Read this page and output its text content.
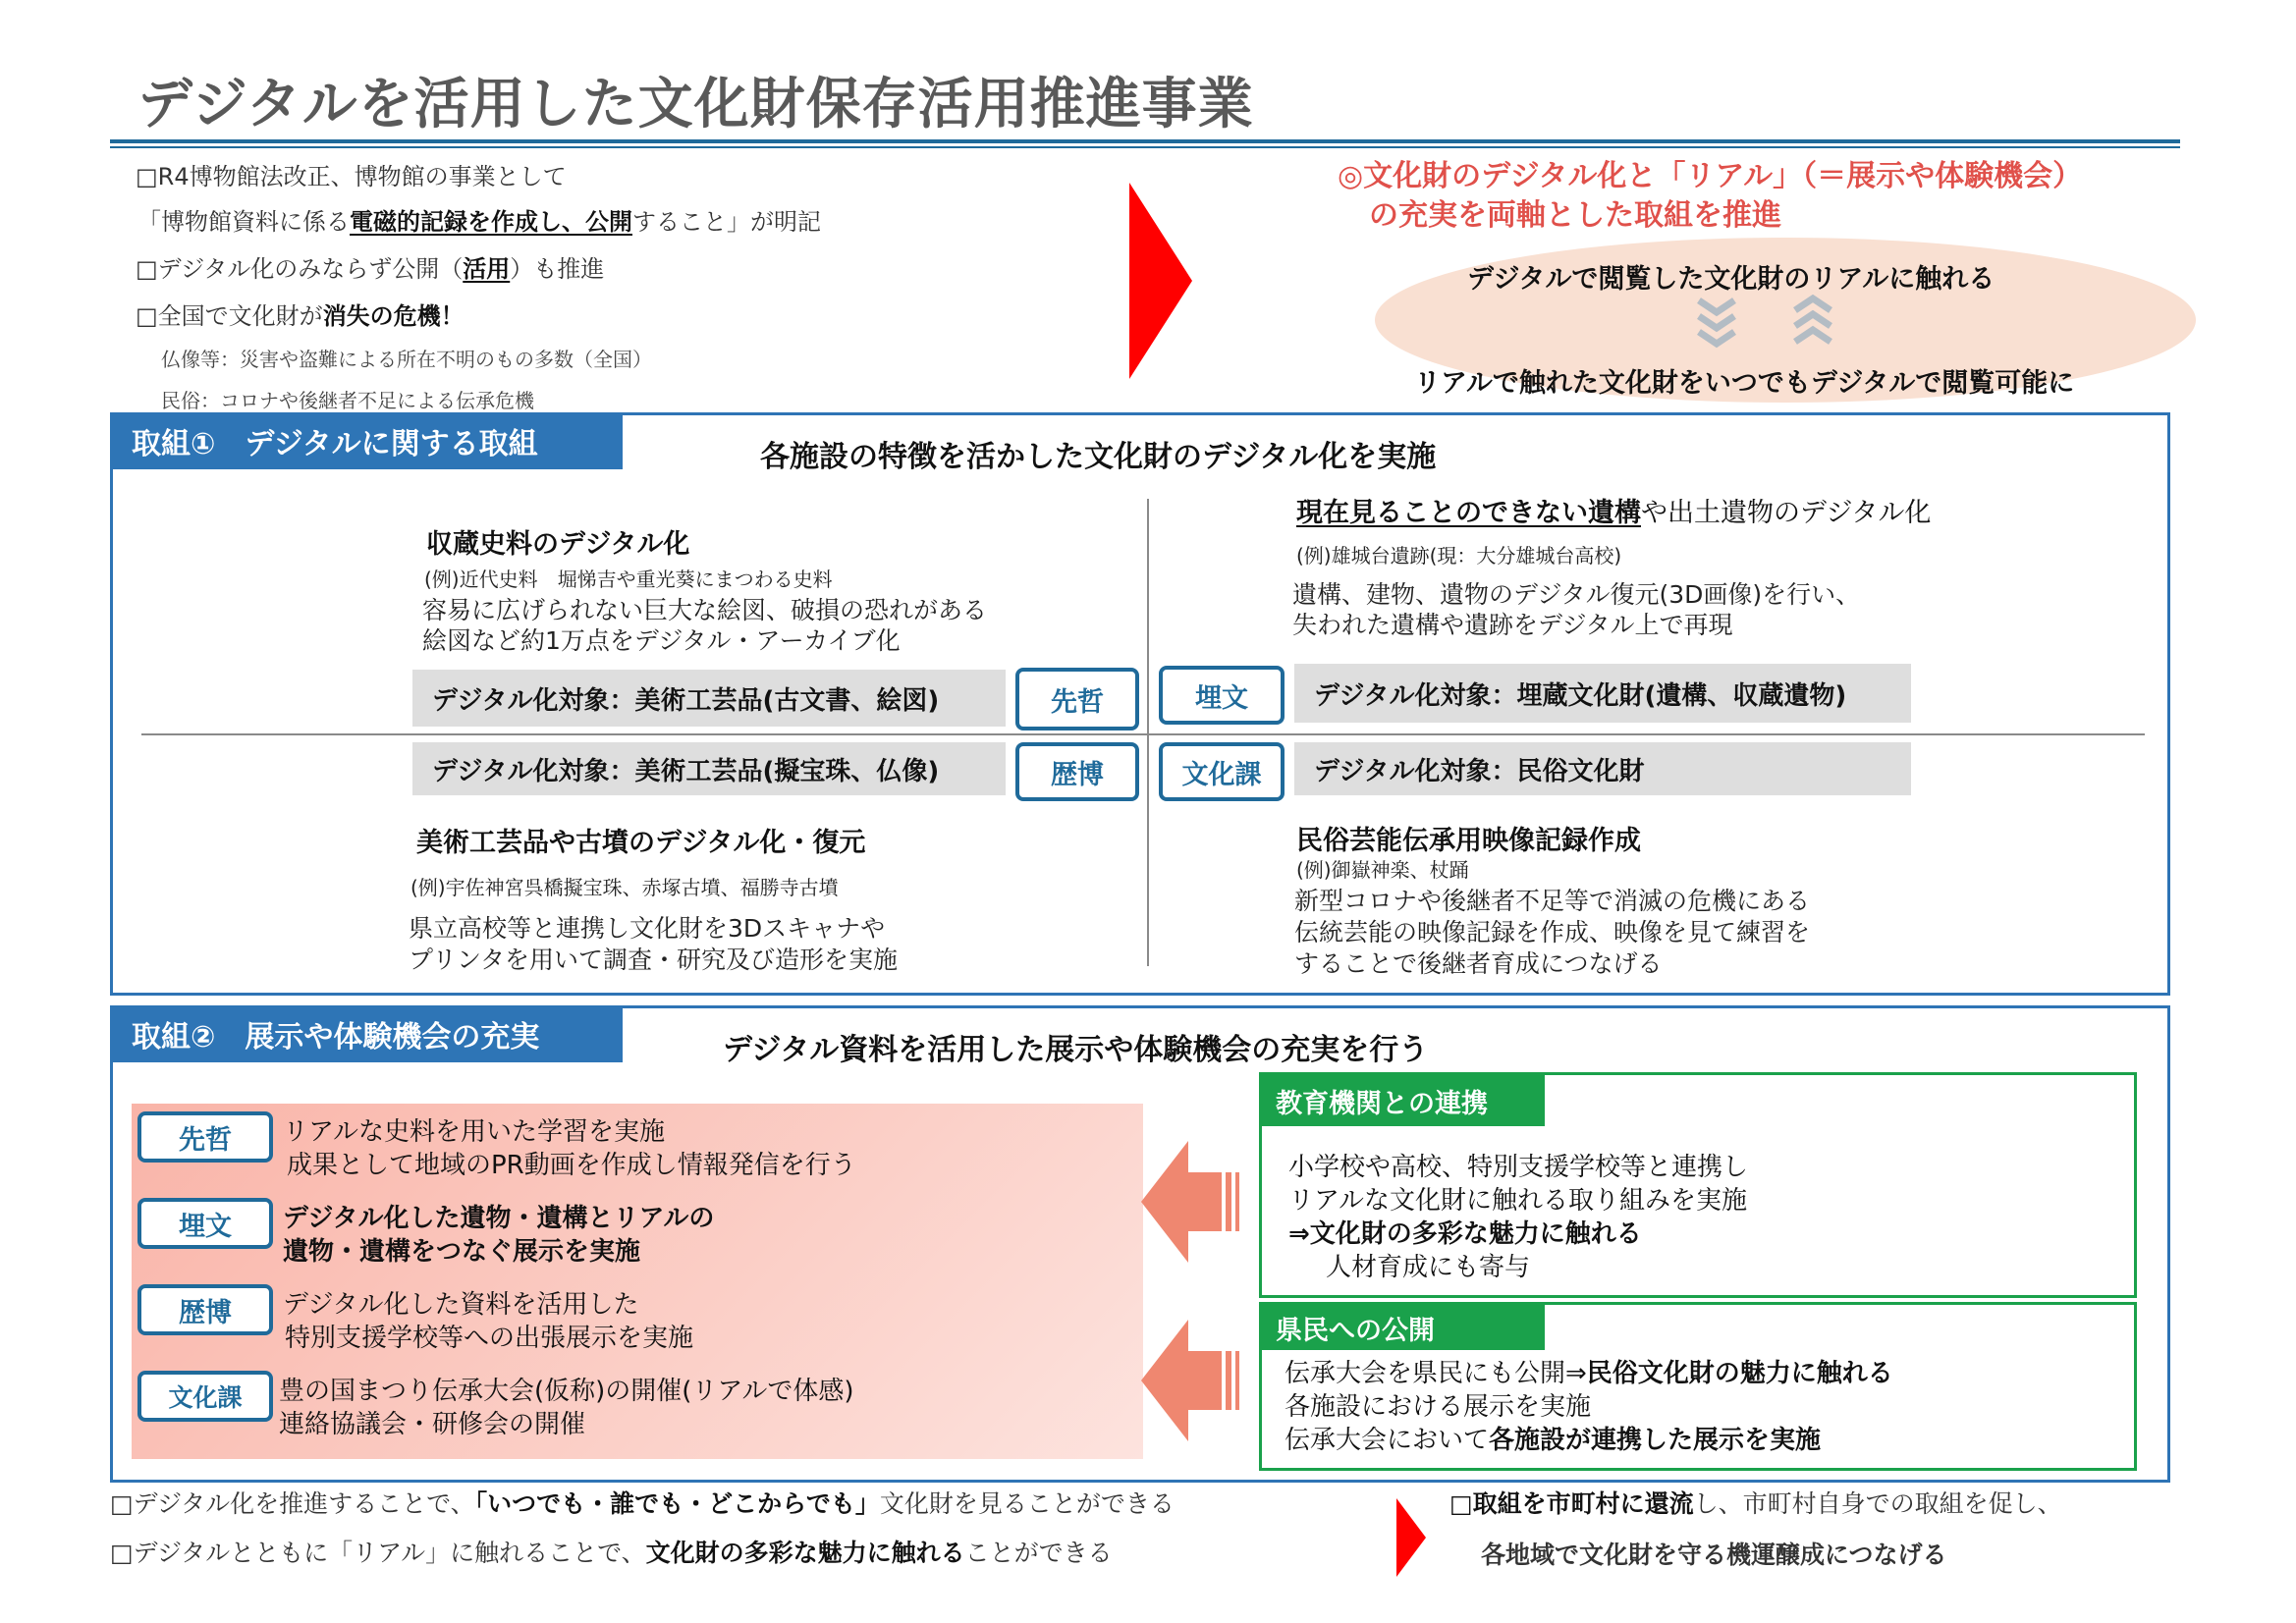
デジタルを活用した文化財保存活用推進事業
□R4博物館法改正、博物館の事業として
「博物館資料に係る電磁的記録を作成し、公開すること」が明記
□デジタル化のみならず公開（活用）も推進
□全国で文化財が消失の危機！
仏像等：災害や盗難による所在不明のもの多数（全国）
民俗：コロナや後継者不足による伝承危機
◎文化財のデジタル化と「リアル」（＝展示や体験機会）
の充実を両軸とした取組を推進
デジタルで閲覧した文化財のリアルに触れる
リアルで触れた文化財をいつでもデジタルで閲覧可能に
取組①　デジタルに関する取組	各施設の特徴を活かした文化財のデジタル化を実施
収蔵史料のデジタル化
(例)近代史料　堀悌吉や重光葵にまつわる史料
容易に広げられない巨大な絵図、破損の恐れがある
絵図など約1万点をデジタル・アーカイブ化
デジタル化対象：美術工芸品(古文書、絵図)	先哲
現在見ることのできない遺構や出土遺物のデジタル化
(例)雄城台遺跡(現：大分雄城台高校)
遺構、建物、遺物のデジタル復元(3D画像)を行い、
失われた遺構や遺跡をデジタル上で再現
埋文	デジタル化対象：埋蔵文化財(遺構、収蔵遺物)
デジタル化対象：美術工芸品(擬宝珠、仏像)	歴博
美術工芸品や古墳のデジタル化・復元
(例)宇佐神宮呉橋擬宝珠、赤塚古墳、福勝寺古墳
県立高校等と連携し文化財を3Dスキャナや
プリンタを用いて調査・研究及び造形を実施
文化課	デジタル化対象：民俗文化財
民俗芸能伝承用映像記録作成
(例)御嶽神楽、杖踊
新型コロナや後継者不足等で消滅の危機にある
伝統芸能の映像記録を作成、映像を見て練習を
することで後継者育成につなげる
取組②　展示や体験機会の充実	デジタル資料を活用した展示や体験機会の充実を行う
先哲	リアルな史料を用いた学習を実施
成果として地域のPR動画を作成し情報発信を行う
埋文	デジタル化した遺物・遺構とリアルの
遺物・遺構をつなぐ展示を実施
歴博	デジタル化した資料を活用した
特別支援学校等への出張展示を実施
文化課	豊の国まつり伝承大会(仮称)の開催(リアルで体感)
連絡協議会・研修会の開催
教育機関との連携
小学校や高校、特別支援学校等と連携し
リアルな文化財に触れる取り組みを実施
⇒文化財の多彩な魅力に触れる
人材育成にも寄与
県民への公開
伝承大会を県民にも公開⇒民俗文化財の魅力に触れる
各施設における展示を実施
伝承大会において各施設が連携した展示を実施
□デジタル化を推進することで、「いつでも・誰でも・どこからでも」文化財を見ることができる
□デジタルとともに「リアル」に触れることで、文化財の多彩な魅力に触れることができる
□取組を市町村に還流し、市町村自身での取組を促し、
各地域で文化財を守る機運醸成につなげる
